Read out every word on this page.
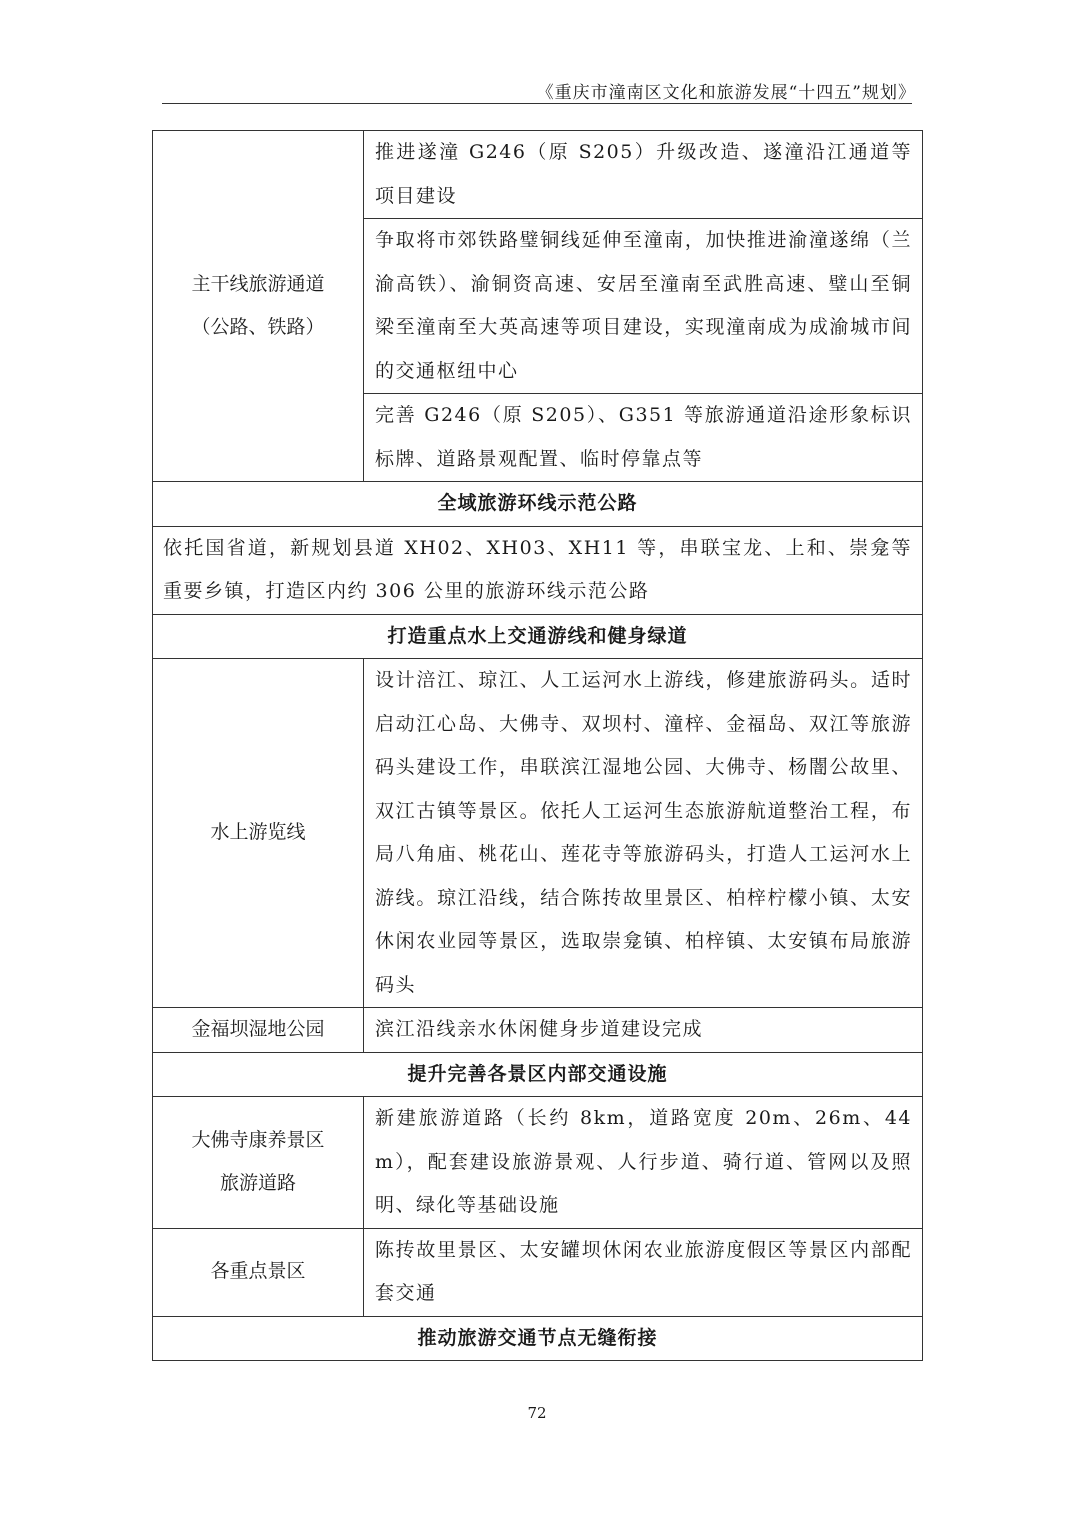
《重庆市潼南区文化和旅游发展“十四五”规划》
主干线旅游通道
（公路、铁路）	推进遂潼 G246（原 S205）升级改造、遂潼沿江通道等项目建设
	争取将市郊铁路璧铜线延伸至潼南，加快推进渝潼遂绵（兰渝高铁）、渝铜资高速、安居至潼南至武胜高速、璧山至铜梁至潼南至大英高速等项目建设，实现潼南成为成渝城市间的交通枢纽中心
	完善 G246（原 S205）、G351 等旅游通道沿途形象标识标牌、道路景观配置、临时停靠点等
全域旅游环线示范公路	
依托国省道，新规划县道 XH02、XH03、XH11 等，串联宝龙、上和、崇龛等重要乡镇，打造区内约 306 公里的旅游环线示范公路	
打造重点水上交通游线和健身绿道	

水上游览线	设计涪江、琼江、人工运河水上游线，修建旅游码头。适时启动江心岛、大佛寺、双坝村、潼梓、金福岛、双江等旅游码头建设工作，串联滨江湿地公园、大佛寺、杨闇公故里、双江古镇等景区。依托人工运河生态旅游航道整治工程，布局八角庙、桃花山、莲花寺等旅游码头，打造人工运河水上游线。琼江沿线，结合陈抟故里景区、柏梓柠檬小镇、太安休闲农业园等景区，选取崇龛镇、柏梓镇、太安镇布局旅游码头

金福坝湿地公园	滨江沿线亲水休闲健身步道建设完成
提升完善各景区内部交通设施	

大佛寺康养景区
旅游道路	新建旅游道路（长约 8km，道路宽度 20m、26m、44m），配套建设旅游景观、人行步道、骑行道、管网以及照明、绿化等基础设施

各重点景区	陈抟故里景区、太安罐坝休闲农业旅游度假区等景区内部配套交通
推动旅游交通节点无缝衔接	
72
